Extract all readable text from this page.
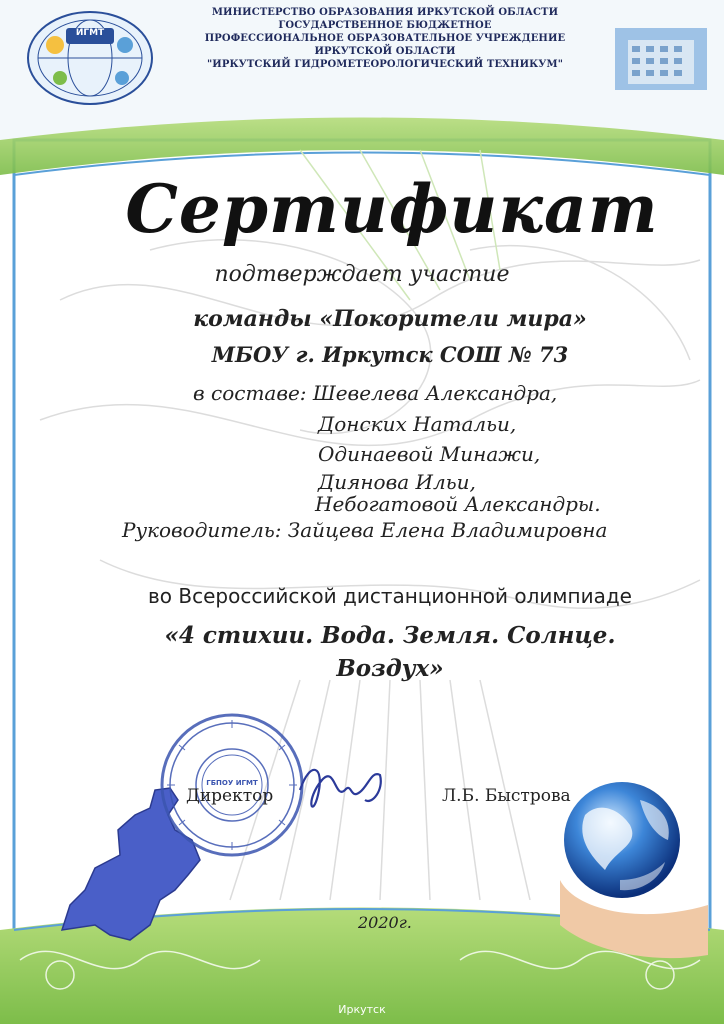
МИНИСТЕРСТВО ОБРАЗОВАНИЯ ИРКУТСКОЙ ОБЛАСТИ
ГОСУДАРСТВЕННОЕ БЮДЖЕТНОЕ
ПРОФЕССИОНАЛЬНОЕ ОБРАЗОВАТЕЛЬНОЕ УЧРЕЖДЕНИЕ
ИРКУТСКОЙ ОБЛАСТИ
"ИРКУТСКИЙ ГИДРОМЕТЕОРОЛОГИЧЕСКИЙ ТЕХНИКУМ"
ИГМТ
Сертификат
подтверждает участие
команды «Покорители мира»
МБОУ г. Иркутск СОШ № 73
в составе: Шевелева Александра,
Донских Натальи,
Одинаевой Минажи,
Диянова Ильи,
Небогатовой Александры.
Руководитель: Зайцева Елена Владимировна
во Всероссийской дистанционной олимпиаде
«4 стихии. Вода. Земля. Солнце.
Воздух»
ГБПОУ ИГМТ
Директор	Л.Б. Быстрова
2020г.
Иркутск
